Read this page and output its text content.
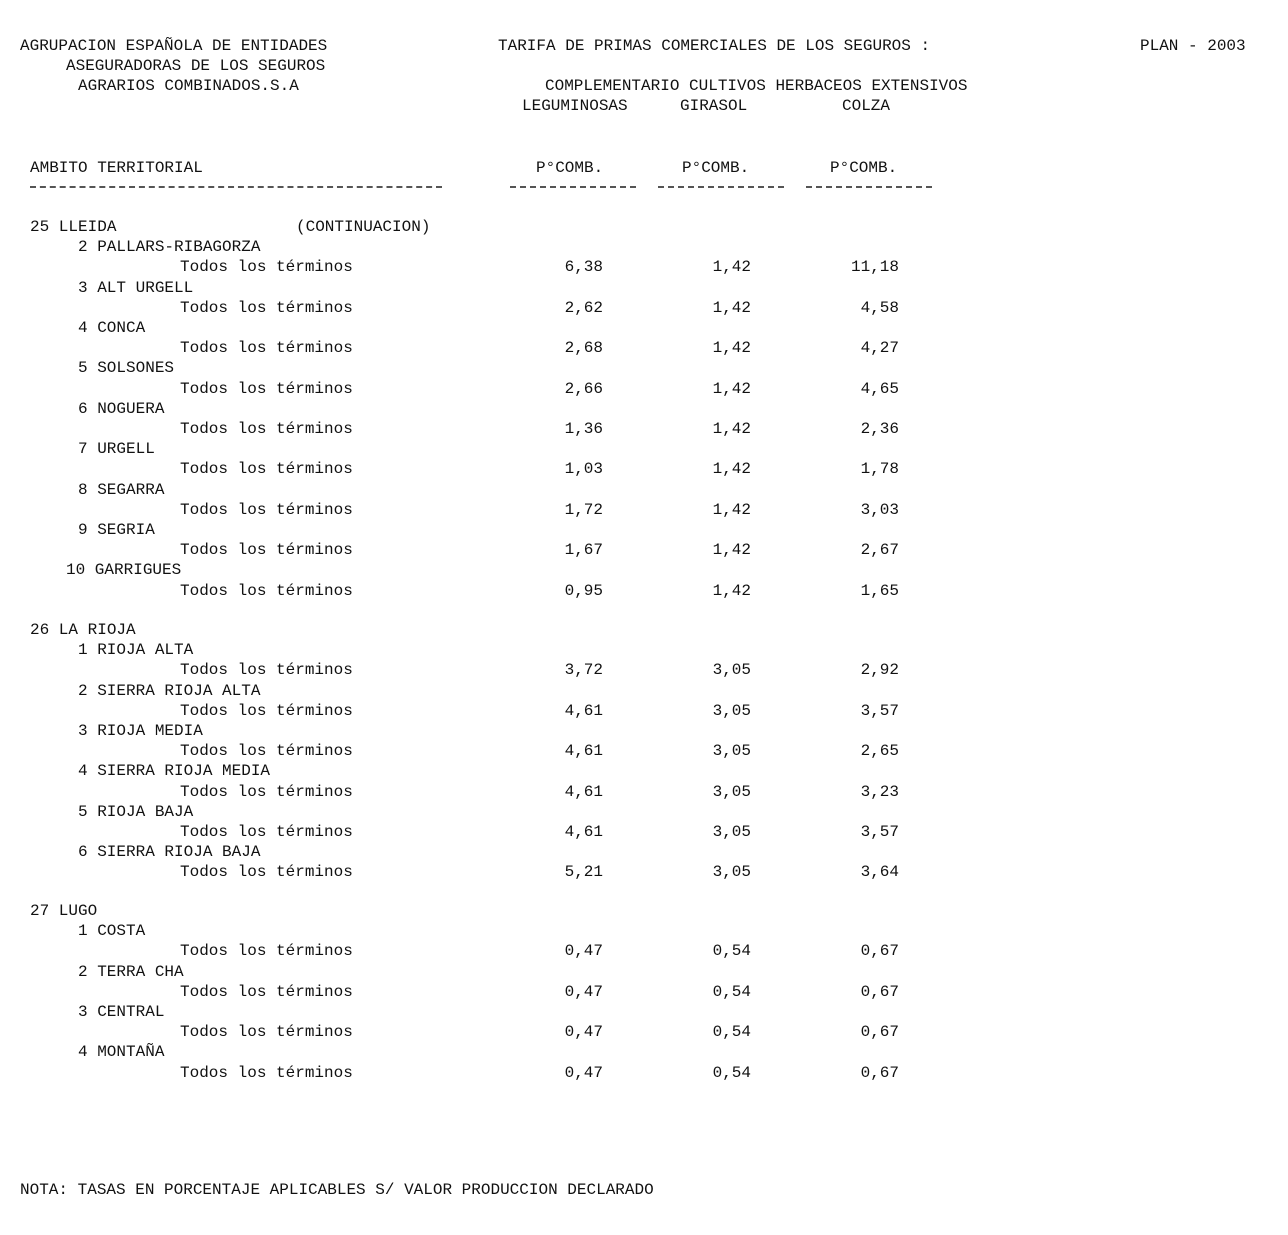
AGRUPACION ESPAÑOLA DE ENTIDADES
ASEGURADORAS DE LOS SEGUROS
AGRARIOS COMBINADOS.S.A
TARIFA DE PRIMAS COMERCIALES DE LOS SEGUROS :	PLAN - 2003
COMPLEMENTARIO CULTIVOS HERBACEOS EXTENSIVOS
LEGUMINOSAS	GIRASOL	COLZA
AMBITO TERRITORIAL	P°COMB.	P°COMB.	P°COMB.
25 LLEIDA	(CONTINUACION)
2 PALLARS-RIBAGORZA
Todos los términos	6,38	1,42	11,18
3 ALT URGELL
Todos los términos	2,62	1,42	4,58
4 CONCA
Todos los términos	2,68	1,42	4,27
5 SOLSONES
Todos los términos	2,66	1,42	4,65
6 NOGUERA
Todos los términos	1,36	1,42	2,36
7 URGELL
Todos los términos	1,03	1,42	1,78
8 SEGARRA
Todos los términos	1,72	1,42	3,03
9 SEGRIA
Todos los términos	1,67	1,42	2,67
10 GARRIGUES
Todos los términos	0,95	1,42	1,65
26 LA RIOJA
1 RIOJA ALTA
Todos los términos	3,72	3,05	2,92
2 SIERRA RIOJA ALTA
Todos los términos	4,61	3,05	3,57
3 RIOJA MEDIA
Todos los términos	4,61	3,05	2,65
4 SIERRA RIOJA MEDIA
Todos los términos	4,61	3,05	3,23
5 RIOJA BAJA
Todos los términos	4,61	3,05	3,57
6 SIERRA RIOJA BAJA
Todos los términos	5,21	3,05	3,64
27 LUGO
1 COSTA
Todos los términos	0,47	0,54	0,67
2 TERRA CHA
Todos los términos	0,47	0,54	0,67
3 CENTRAL
Todos los términos	0,47	0,54	0,67
4 MONTAÑA
Todos los términos	0,47	0,54	0,67
NOTA: TASAS EN PORCENTAJE APLICABLES S/ VALOR PRODUCCION DECLARADO
